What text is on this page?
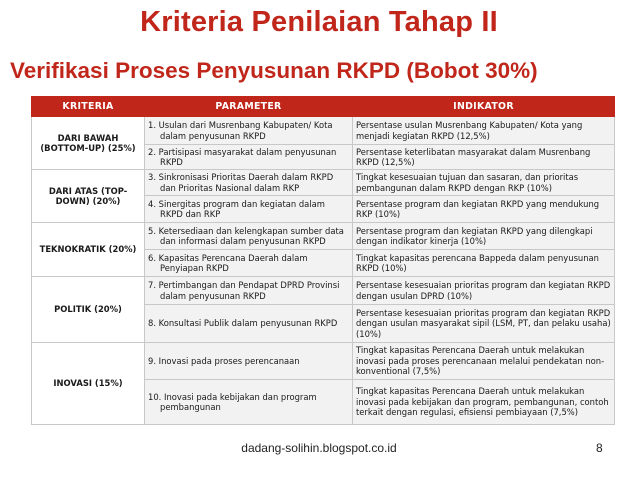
Kriteria Penilaian Tahap II
Verifikasi Proses Penyusunan RKPD (Bobot 30%)
KRITERIA	PARAMETER	INDIKATOR
DARI BAWAH (BOTTOM-UP) (25%)	1. Usulan dari Musrenbang Kabupaten/ Kota dalam penyusunan RKPD	Persentase usulan Musrenbang Kabupaten/ Kota yang menjadi kegiatan RKPD (12,5%)

	2. Partisipasi masyarakat dalam penyusunan RKPD	Persentase keterlibatan masyarakat dalam Musrenbang RKPD (12,5%)
DARI ATAS (TOP-DOWN) (20%)	3. Sinkronisasi Prioritas Daerah dalam RKPD dan Prioritas Nasional dalam RKP	Tingkat kesesuaian tujuan dan sasaran, dan prioritas pembangunan dalam RKPD dengan RKP (10%)

	4. Sinergitas program dan kegiatan dalam RKPD dan RKP	Persentase program dan kegiatan RKPD yang mendukung RKP (10%)
TEKNOKRATIK (20%)	5. Ketersediaan dan kelengkapan sumber data dan informasi dalam penyusunan RKPD	Persentase program dan kegiatan RKPD yang dilengkapi dengan indikator kinerja (10%)

	6. Kapasitas Perencana Daerah dalam Penyiapan RKPD	Tingkat kapasitas perencana Bappeda dalam penyusunan RKPD (10%)
POLITIK (20%)	7. Pertimbangan dan Pendapat DPRD Provinsi dalam penyusunan RKPD	Persentase kesesuaian prioritas program dan kegiatan RKPD dengan usulan DPRD (10%)

	8. Konsultasi Publik dalam penyusunan RKPD	Persentase kesesuaian prioritas program dan kegiatan RKPD dengan usulan masyarakat sipil (LSM, PT, dan pelaku usaha) (10%)
INOVASI (15%)	9. Inovasi pada proses perencanaan	Tingkat kapasitas Perencana Daerah untuk melakukan inovasi pada proses perencanaan melalui pendekatan non-konventional (7,5%)

	10. Inovasi pada kebijakan dan program pembangunan	Tingkat kapasitas Perencana Daerah untuk melakukan inovasi pada kebijakan dan program, pembangunan, contoh terkait dengan regulasi, efisiensi pembiayaan (7,5%)
dadang-solihin.blogspot.co.id	8
